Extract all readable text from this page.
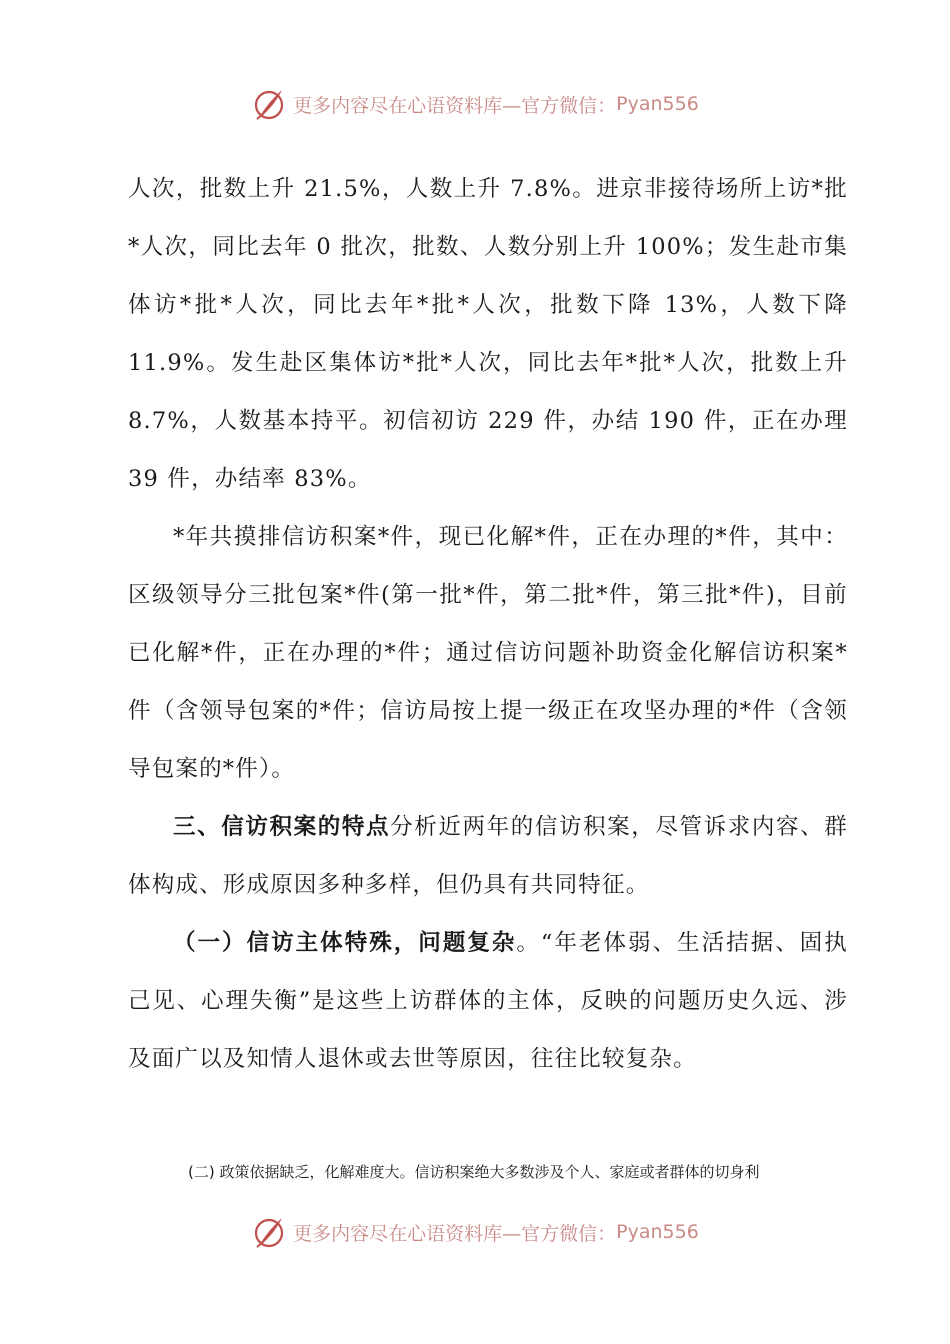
更多内容尽在心语资料库—官方微信： Pyan556

人次，批数上升 21.5%，人数上升 7.8%。进京非接待场所上访*批*人次，同比去年 0 批次，批数、人数分别上升 100%；发生赴市集体访*批*人次，同比去年*批*人次，批数下降 13%，人数下降 11.9%。发生赴区集体访*批*人次，同比去年*批*人次，批数上升 8.7%，人数基本持平。初信初访 229 件，办结 190 件，正在办理 39 件，办结率 83%。

*年共摸排信访积案*件，现已化解*件，正在办理的*件，其中：区级领导分三批包案*件(第一批*件，第二批*件，第三批*件)，目前已化解*件，正在办理的*件；通过信访问题补助资金化解信访积案*件（含领导包案的*件；信访局按上提一级正在攻坚办理的*件（含领导包案的*件）。

三、信访积案的特点分析近两年的信访积案，尽管诉求内容、群体构成、形成原因多种多样，但仍具有共同特征。

（一）信访主体特殊，问题复杂。“年老体弱、生活拮据、固执己见、心理失衡”是这些上访群体的主体，反映的问题历史久远、涉及面广以及知情人退休或去世等原因，往往比较复杂。

(二) 政策依据缺乏，化解难度大。信访积案绝大多数涉及个人、家庭或者群体的切身利
更多内容尽在心语资料库—官方微信： Pyan556
